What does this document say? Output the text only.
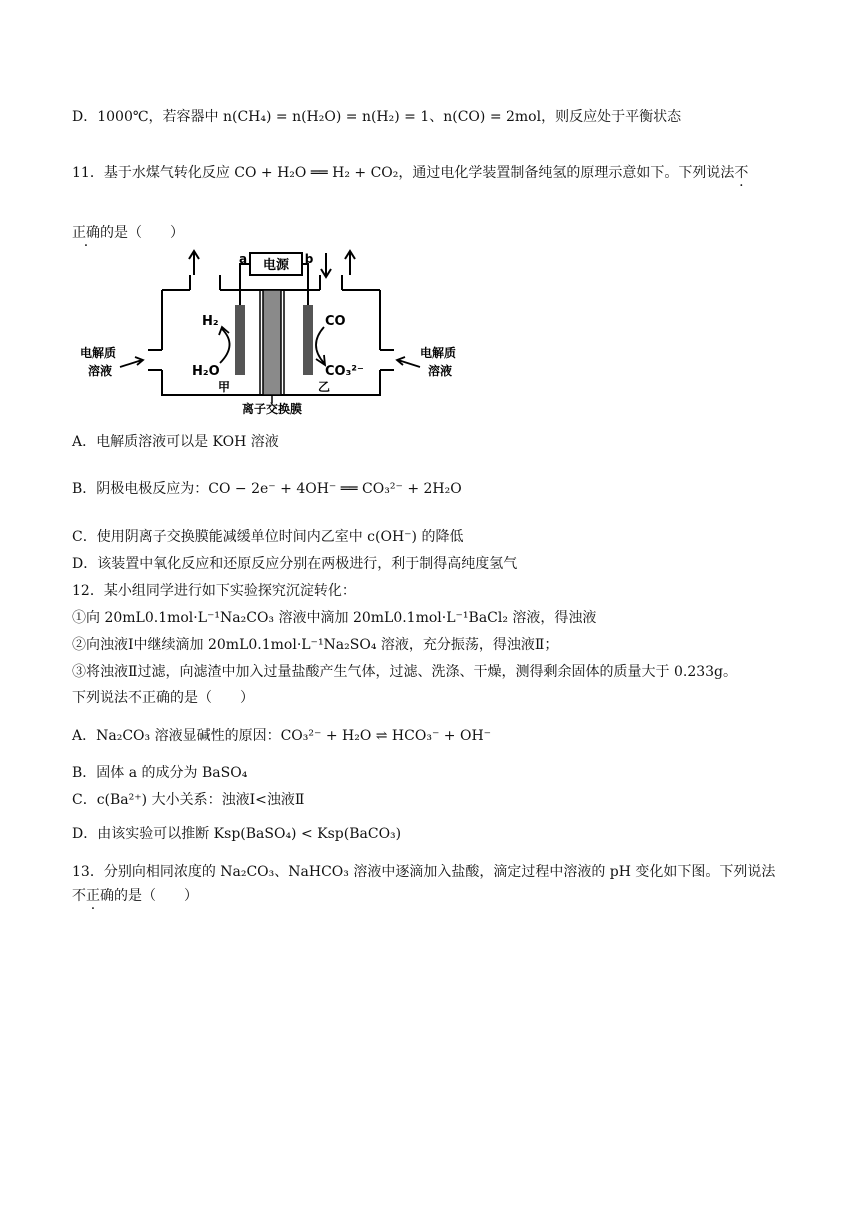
D．1000℃，若容器中 n(CH₄) = n(H₂O) = n(H₂) = 1、n(CO) = 2mol，则反应处于平衡状态
11．基于水煤气转化反应 CO + H₂O ══ H₂ + CO₂，通过电化学装置制备纯氢的原理示意如下。下列说法不
正确的是（　　）
电源
a	b
H₂
H₂O
甲
CO
CO₃²⁻
乙
电解质
溶液
电解质
溶液
离子交换膜
A．电解质溶液可以是 KOH 溶液
B．阴极电极反应为：CO − 2e⁻ + 4OH⁻ ══ CO₃²⁻ + 2H₂O
C．使用阴离子交换膜能减缓单位时间内乙室中 c(OH⁻) 的降低
D．该装置中氧化反应和还原反应分别在两极进行，利于制得高纯度氢气
12．某小组同学进行如下实验探究沉淀转化：
①向 20mL0.1mol·L⁻¹Na₂CO₃ 溶液中滴加 20mL0.1mol·L⁻¹BaCl₂ 溶液，得浊液
②向浊液Ⅰ中继续滴加 20mL0.1mol·L⁻¹Na₂SO₄ 溶液，充分振荡，得浊液Ⅱ；
③将浊液Ⅱ过滤，向滤渣中加入过量盐酸产生气体，过滤、洗涤、干燥，测得剩余固体的质量大于 0.233g。
下列说法不正确的是（　　）
A．Na₂CO₃ 溶液显碱性的原因：CO₃²⁻ + H₂O ⇌ HCO₃⁻ + OH⁻
B．固体 a 的成分为 BaSO₄
C．c(Ba²⁺) 大小关系：浊液Ⅰ<浊液Ⅱ
D．由该实验可以推断 Ksp(BaSO₄) < Ksp(BaCO₃)
13．分别向相同浓度的 Na₂CO₃、NaHCO₃ 溶液中逐滴加入盐酸，滴定过程中溶液的 pH 变化如下图。下列说法
不正确的是（　　）
